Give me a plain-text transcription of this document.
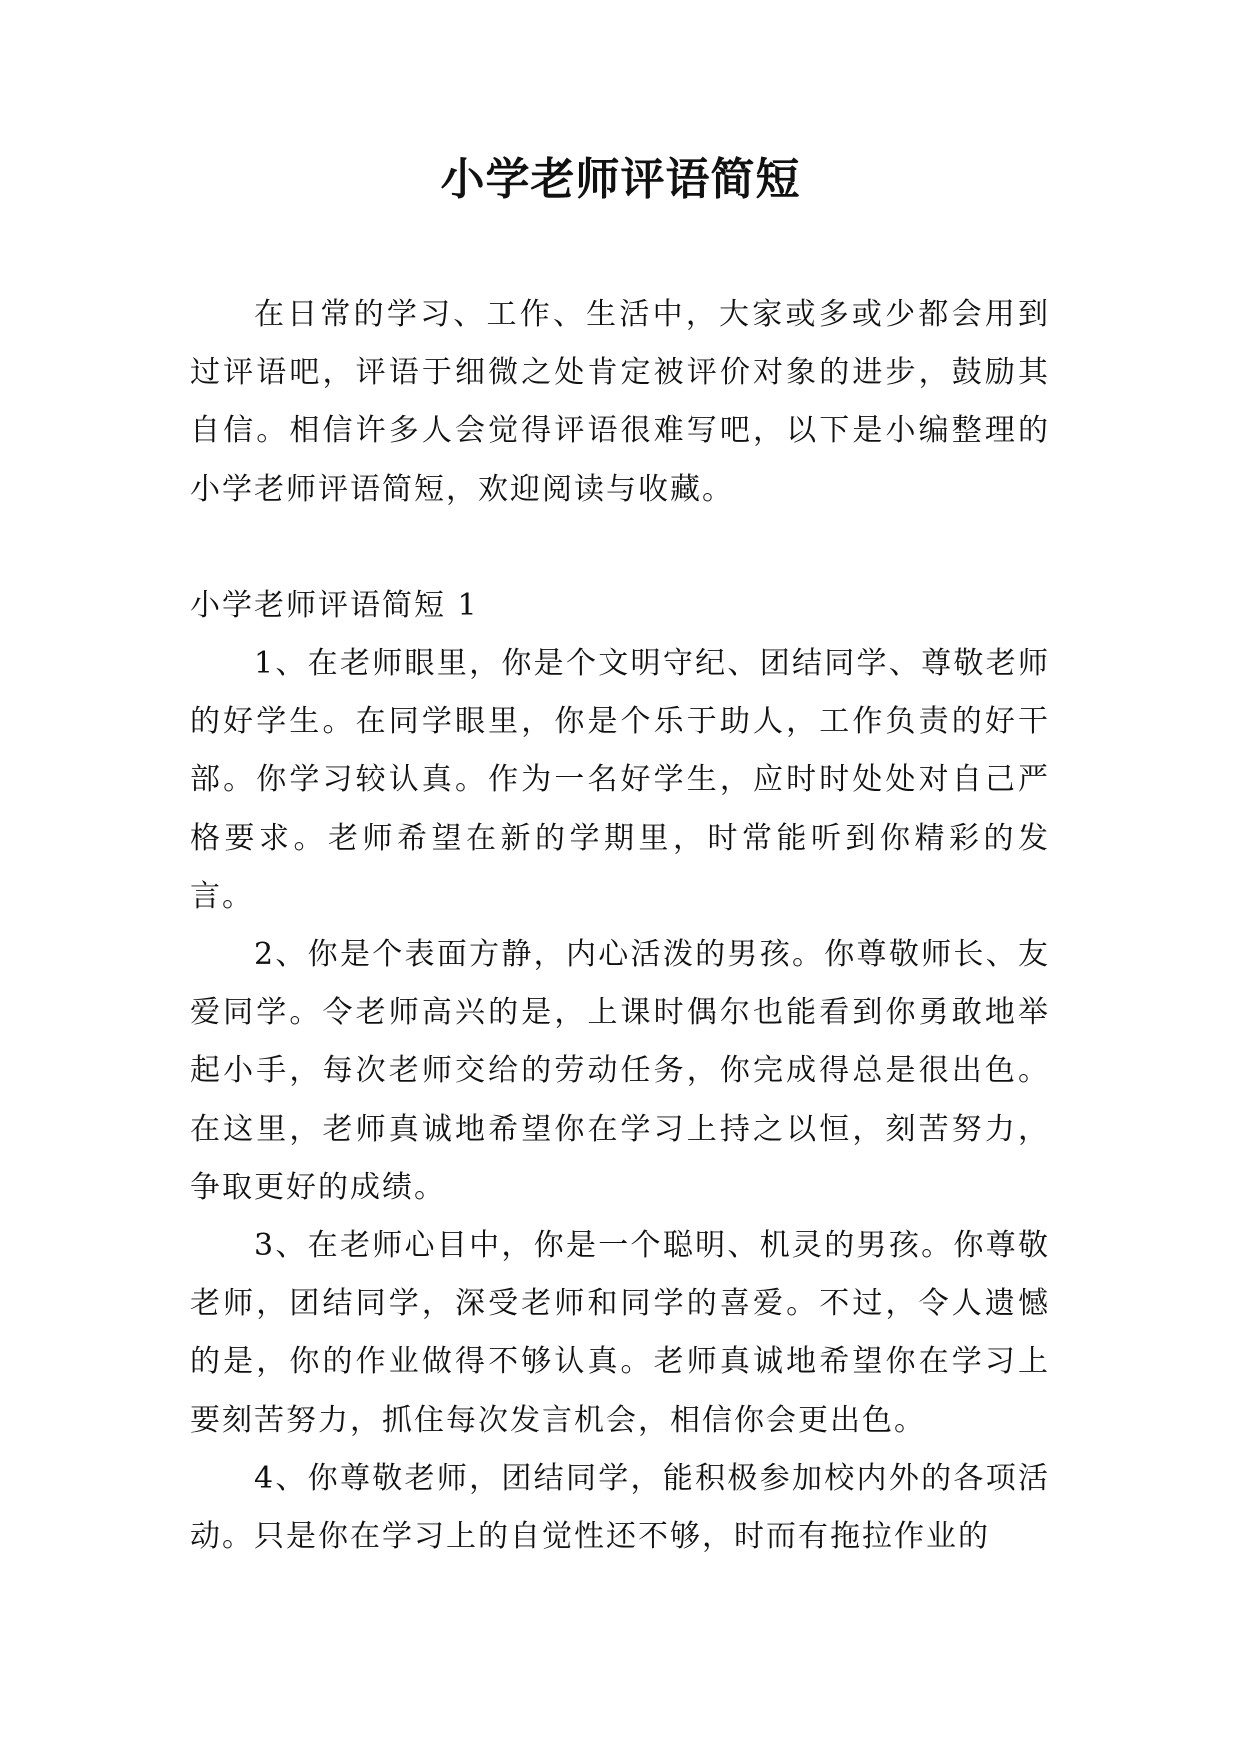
小学老师评语简短

在日常的学习、工作、生活中，大家或多或少都会用到过评语吧，评语于细微之处肯定被评价对象的进步，鼓励其自信。相信许多人会觉得评语很难写吧，以下是小编整理的小学老师评语简短，欢迎阅读与收藏。

小学老师评语简短 1

1、在老师眼里，你是个文明守纪、团结同学、尊敬老师的好学生。在同学眼里，你是个乐于助人，工作负责的好干部。你学习较认真。作为一名好学生，应时时处处对自己严格要求。老师希望在新的学期里，时常能听到你精彩的发言。

2、你是个表面方静，内心活泼的男孩。你尊敬师长、友爱同学。令老师高兴的是，上课时偶尔也能看到你勇敢地举起小手，每次老师交给的劳动任务，你完成得总是很出色。在这里，老师真诚地希望你在学习上持之以恒，刻苦努力，争取更好的成绩。

3、在老师心目中，你是一个聪明、机灵的男孩。你尊敬老师，团结同学，深受老师和同学的喜爱。不过，令人遗憾的是，你的作业做得不够认真。老师真诚地希望你在学习上要刻苦努力，抓住每次发言机会，相信你会更出色。

4、你尊敬老师，团结同学，能积极参加校内外的各项活动。只是你在学习上的自觉性还不够，时而有拖拉作业的
